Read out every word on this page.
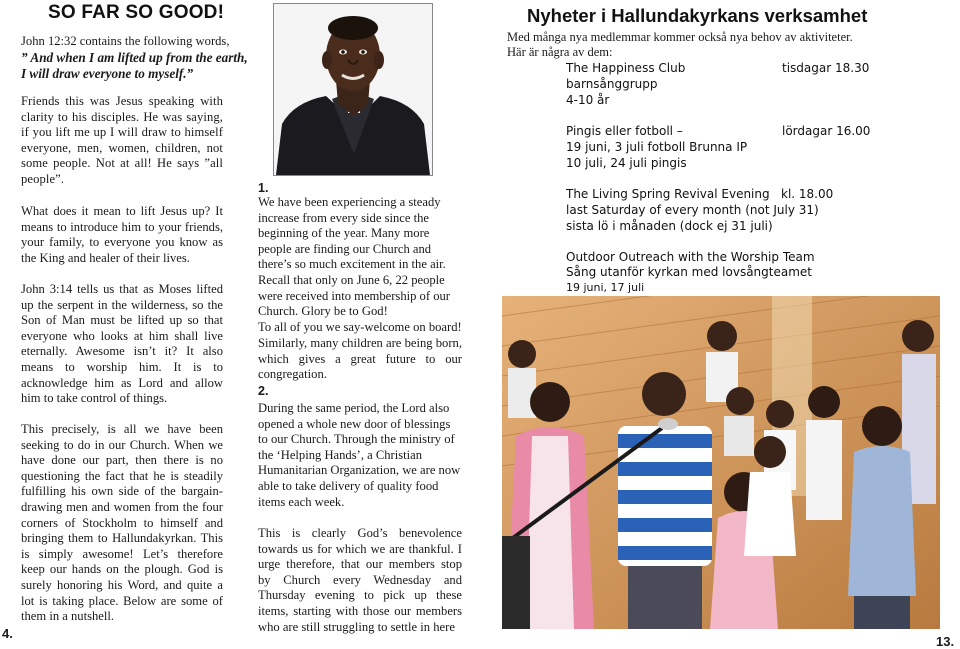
SO FAR SO GOOD!

John 12:32 contains the following words,

” And when I am lifted up from the earth,

I will draw everyone to myself.”

Friends this was Jesus speaking with clarity to his disciples. He was saying, if you lift me up I will draw to himself everyone, men, women, children, not some people. Not at all! He says ”all people”.

What does it mean to lift Jesus up? It means to introduce him to your friends, your family, to everyone you know as the King and healer of their lives.

John 3:14 tells us that as Moses lifted up the serpent in the wilderness, so the Son of Man must be lifted up so that everyone who looks at him shall live eternally. Awesome isn’t it? It also means to worship him. It is to acknowledge him as Lord and allow him to take control of things.

This precisely, is all we have been seeking to do in our Church. When we have done our part, then there is no questioning the fact that he is steadily fulfilling his own side of the bargain-drawing men and women from the four corners of Stockholm to himself and bringing them to Hallundakyrkan. This is simply awesome! Let’s therefore keep our hands on the plough. God is surely honoring his Word, and quite a lot is taking place. Below are some of them in a nutshell.

4.
1.

We have been experiencing a steady increase from every side since the beginning of the year. Many more people are finding our Church and there’s so much excitement in the air. Recall that only on June 6, 22 people were received into membership of our Church. Glory be to God!

To all of you we say-welcome on board!

Similarly, many children are being born, which gives a great future to our congregation.

2.

During the same period, the Lord also opened a whole new door of blessings to our Church. Through the ministry of the ‘Helping Hands’, a Christian Humanitarian Organization, we are now able to take delivery of quality food items each week.

This is clearly God’s benevolence towards us for which we are thankful. I urge therefore, that our members stop by Church every Wednesday and Thursday evening to pick up these items, starting with those our members who are still struggling to settle in here

Nyheter i Hallundakyrkans verksamhet
Med många nya medlemmar kommer också nya behov av aktiviteter.
Här är några av dem:
The Happiness Club	tisdagar 18.30
barnsånggrupp
4-10 år
Pingis eller fotboll –	lördagar 16.00
19 juni, 3 juli fotboll Brunna IP
10 juli, 24 juli pingis
The Living Spring Revival Evening kl. 18.00
last Saturday of every month (not July 31)
sista lö i månaden (dock ej 31 juli)
Outdoor Outreach with the Worship Team
Sång utanför kyrkan med lovsångteamet
19 juni, 17 juli
13.
